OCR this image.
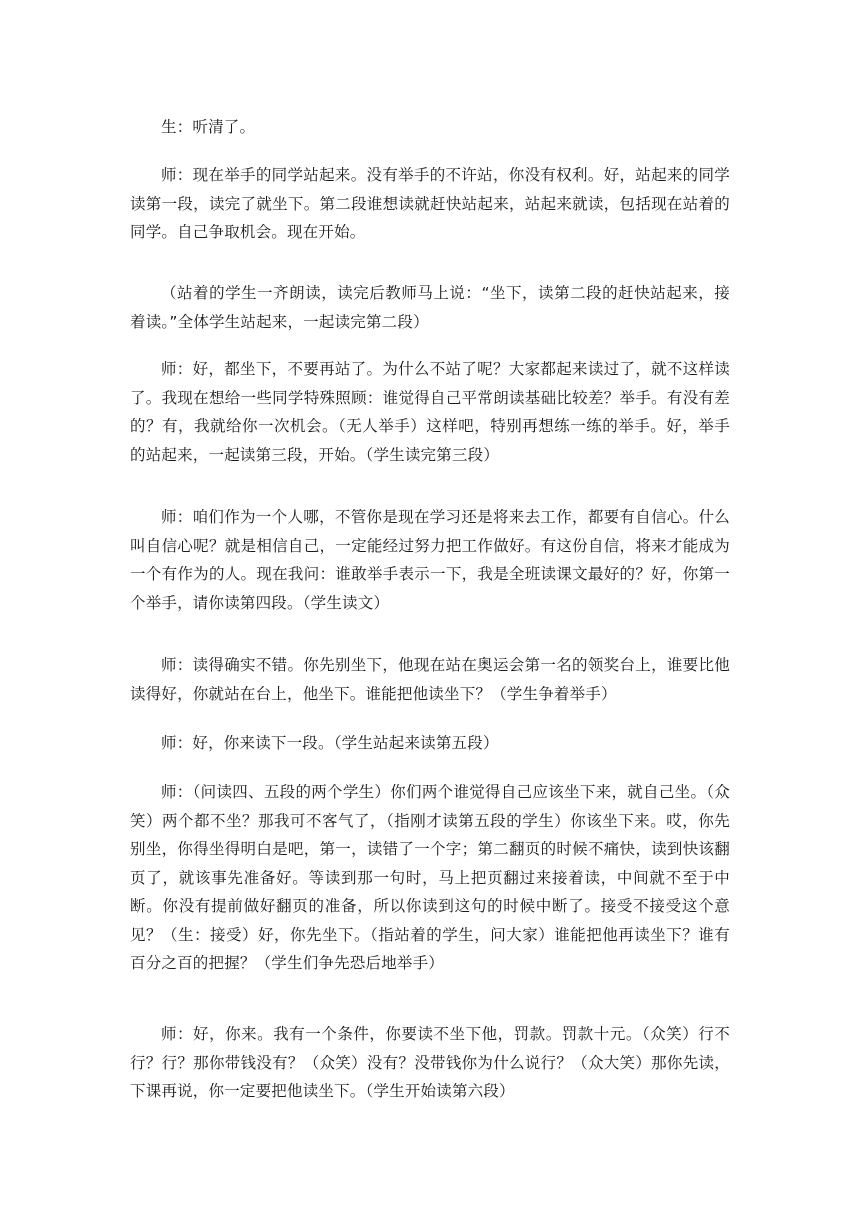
生：听清了。

师：现在举手的同学站起来。没有举手的不许站，你没有权利。好，站起来的同学读第一段，读完了就坐下。第二段谁想读就赶快站起来，站起来就读，包括现在站着的同学。自己争取机会。现在开始。

（站着的学生一齐朗读，读完后教师马上说：“坐下，读第二段的赶快站起来，接着读。”全体学生站起来，一起读完第二段）

师：好，都坐下，不要再站了。为什么不站了呢？大家都起来读过了，就不这样读了。我现在想给一些同学特殊照顾：谁觉得自己平常朗读基础比较差？举手。有没有差的？有，我就给你一次机会。（无人举手）这样吧，特别再想练一练的举手。好，举手的站起来，一起读第三段，开始。（学生读完第三段）

师：咱们作为一个人哪，不管你是现在学习还是将来去工作，都要有自信心。什么叫自信心呢？就是相信自己，一定能经过努力把工作做好。有这份自信，将来才能成为一个有作为的人。现在我问：谁敢举手表示一下，我是全班读课文最好的？好，你第一个举手，请你读第四段。（学生读文）

师：读得确实不错。你先别坐下，他现在站在奥运会第一名的领奖台上，谁要比他读得好，你就站在台上，他坐下。谁能把他读坐下？（学生争着举手）

师：好，你来读下一段。（学生站起来读第五段）

师：（问读四、五段的两个学生）你们两个谁觉得自己应该坐下来，就自己坐。（众笑）两个都不坐？那我可不客气了，（指刚才读第五段的学生）你该坐下来。哎，你先别坐，你得坐得明白是吧，第一，读错了一个字；第二翻页的时候不痛快，读到快该翻页了，就该事先准备好。等读到那一句时，马上把页翻过来接着读，中间就不至于中断。你没有提前做好翻页的准备，所以你读到这句的时候中断了。接受不接受这个意见？（生：接受）好，你先坐下。（指站着的学生，问大家）谁能把他再读坐下？谁有百分之百的把握？（学生们争先恐后地举手）

师：好，你来。我有一个条件，你要读不坐下他，罚款。罚款十元。（众笑）行不行？行？那你带钱没有？（众笑）没有？没带钱你为什么说行？（众大笑）那你先读，下课再说，你一定要把他读坐下。（学生开始读第六段）
